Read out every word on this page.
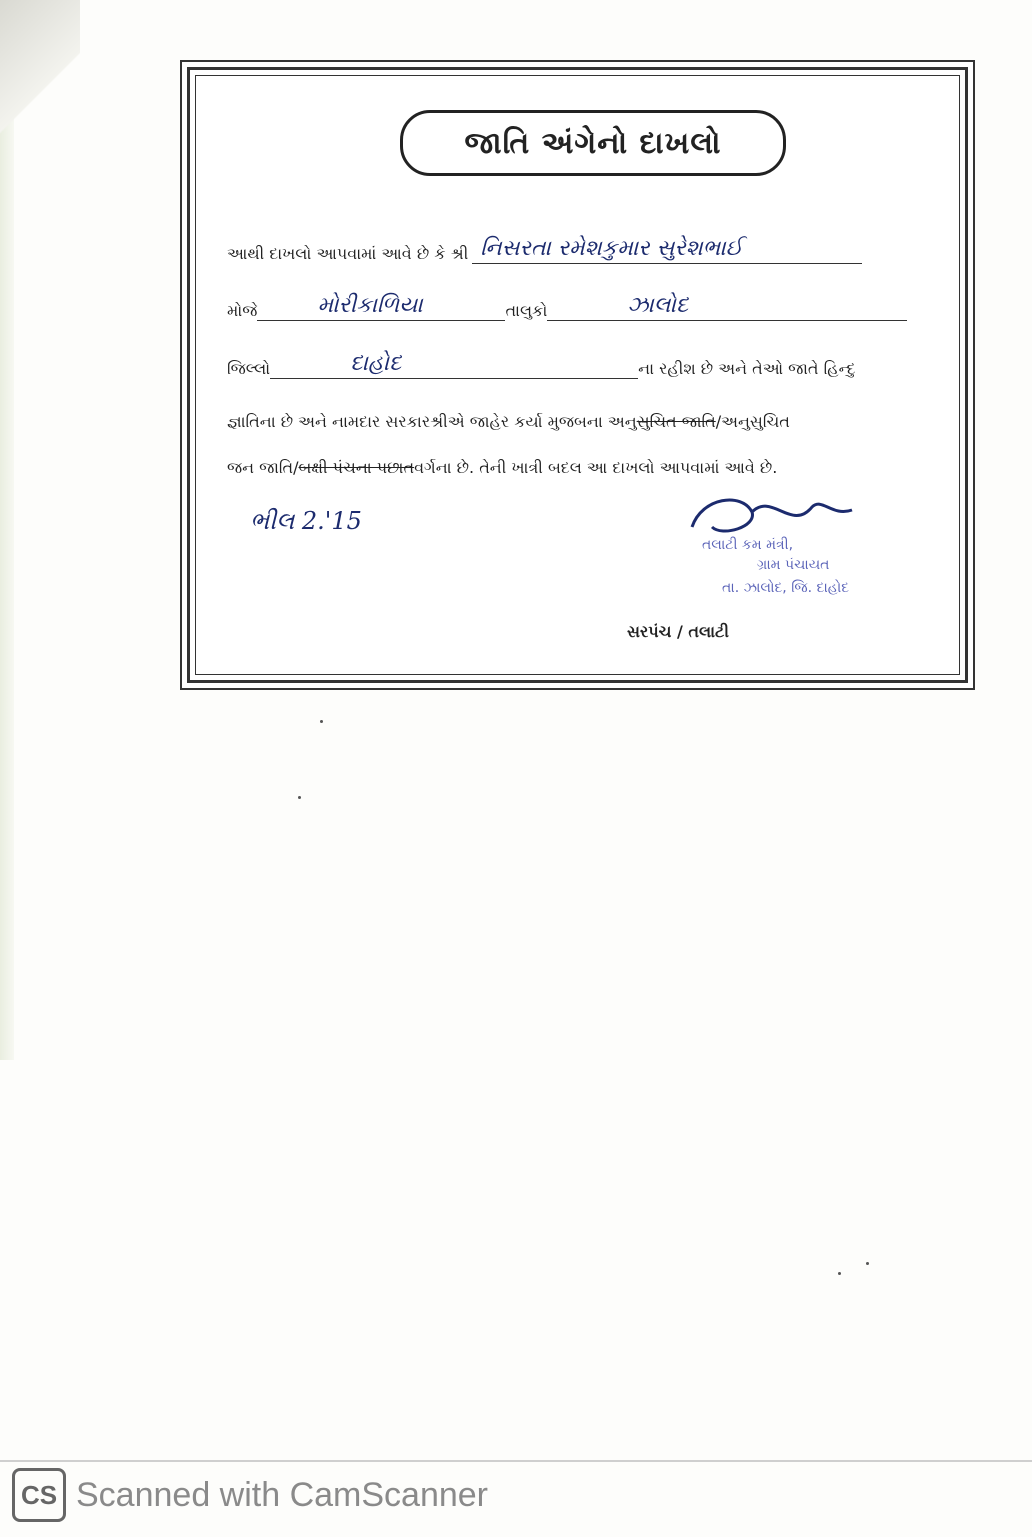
જાતિ અંગેનો દાખલો
આથી દાખલો આપવામાં આવે છે કે શ્રી નિસરતા રમેશકુમાર સુરેશભાઈ
મોજે	મોરીકાળિયા	તાલુકો	ઝાલોદ
જિલ્લો	દાહોદ	ના રહીશ છે અને તેઓ જાતે હિન્દુ
જ્ઞાતિના છે અને નામદાર સરકારશ્રીએ જાહેર કર્યા મુજબના અનુ સુચિત જાતિ /અનુસુચિત
જન જાતિ/ બક્ષી પંચના પછાત વર્ગના છે. તેની ખાત્રી બદલ આ દાખલો આપવામાં આવે છે.
ભીલ 2.'15
તલાટી કમ મંત્રી,
ગ્રામ પંચાયત
તા. ઝાલોદ, જિ. દાહોદ
સરપંચ / તલાટી
CS Scanned with CamScanner
